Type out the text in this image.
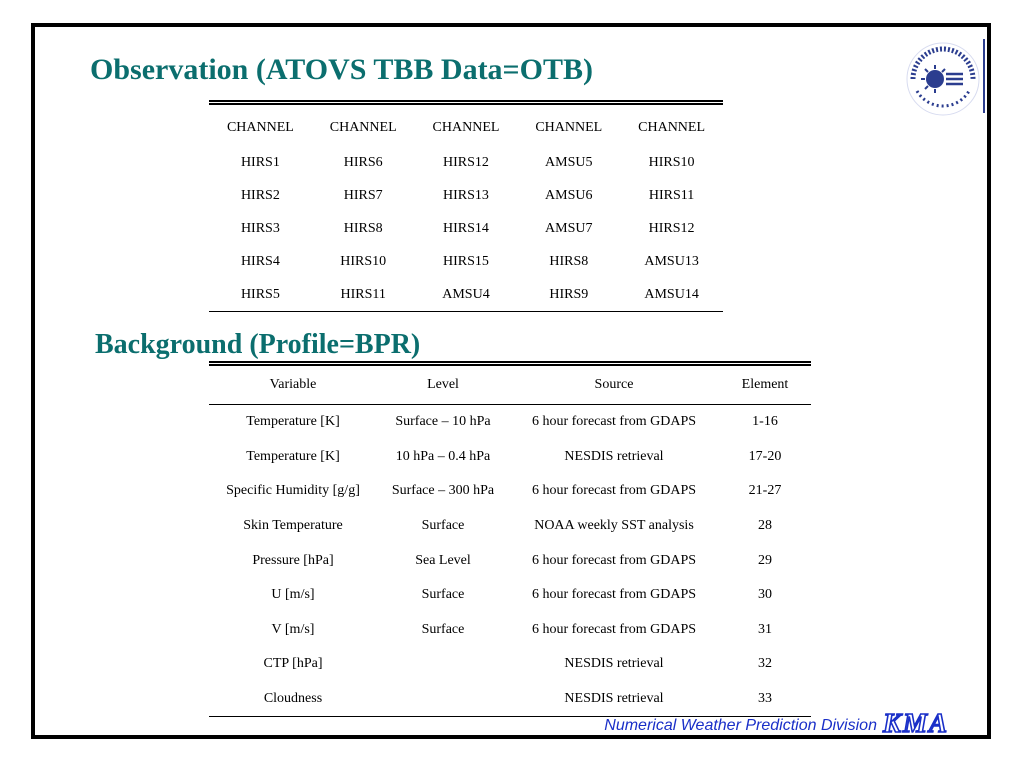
Observation (ATOVS TBB Data=OTB)
CHANNEL	CHANNEL	CHANNEL	CHANNEL	CHANNEL
HIRS1	HIRS6	HIRS12	AMSU5	HIRS10
HIRS2	HIRS7	HIRS13	AMSU6	HIRS11
HIRS3	HIRS8	HIRS14	AMSU7	HIRS12
HIRS4	HIRS10	HIRS15	HIRS8	AMSU13
HIRS5	HIRS11	AMSU4	HIRS9	AMSU14
Background (Profile=BPR)
Variable	Level	Source	Element
Temperature [K]	Surface – 10 hPa	6 hour forecast from GDAPS	1-16
Temperature [K]	10 hPa – 0.4 hPa	NESDIS retrieval	17-20
Specific Humidity [g/g]	Surface – 300 hPa	6 hour forecast from GDAPS	21-27
Skin Temperature	Surface	NOAA weekly SST analysis	28
Pressure [hPa]	Sea Level	6 hour forecast from GDAPS	29
U [m/s]	Surface	6 hour forecast from GDAPS	30
V [m/s]	Surface	6 hour forecast from GDAPS	31
CTP [hPa]		NESDIS retrieval	32
Cloudness		NESDIS retrieval	33
Numerical Weather Prediction Division KMA
